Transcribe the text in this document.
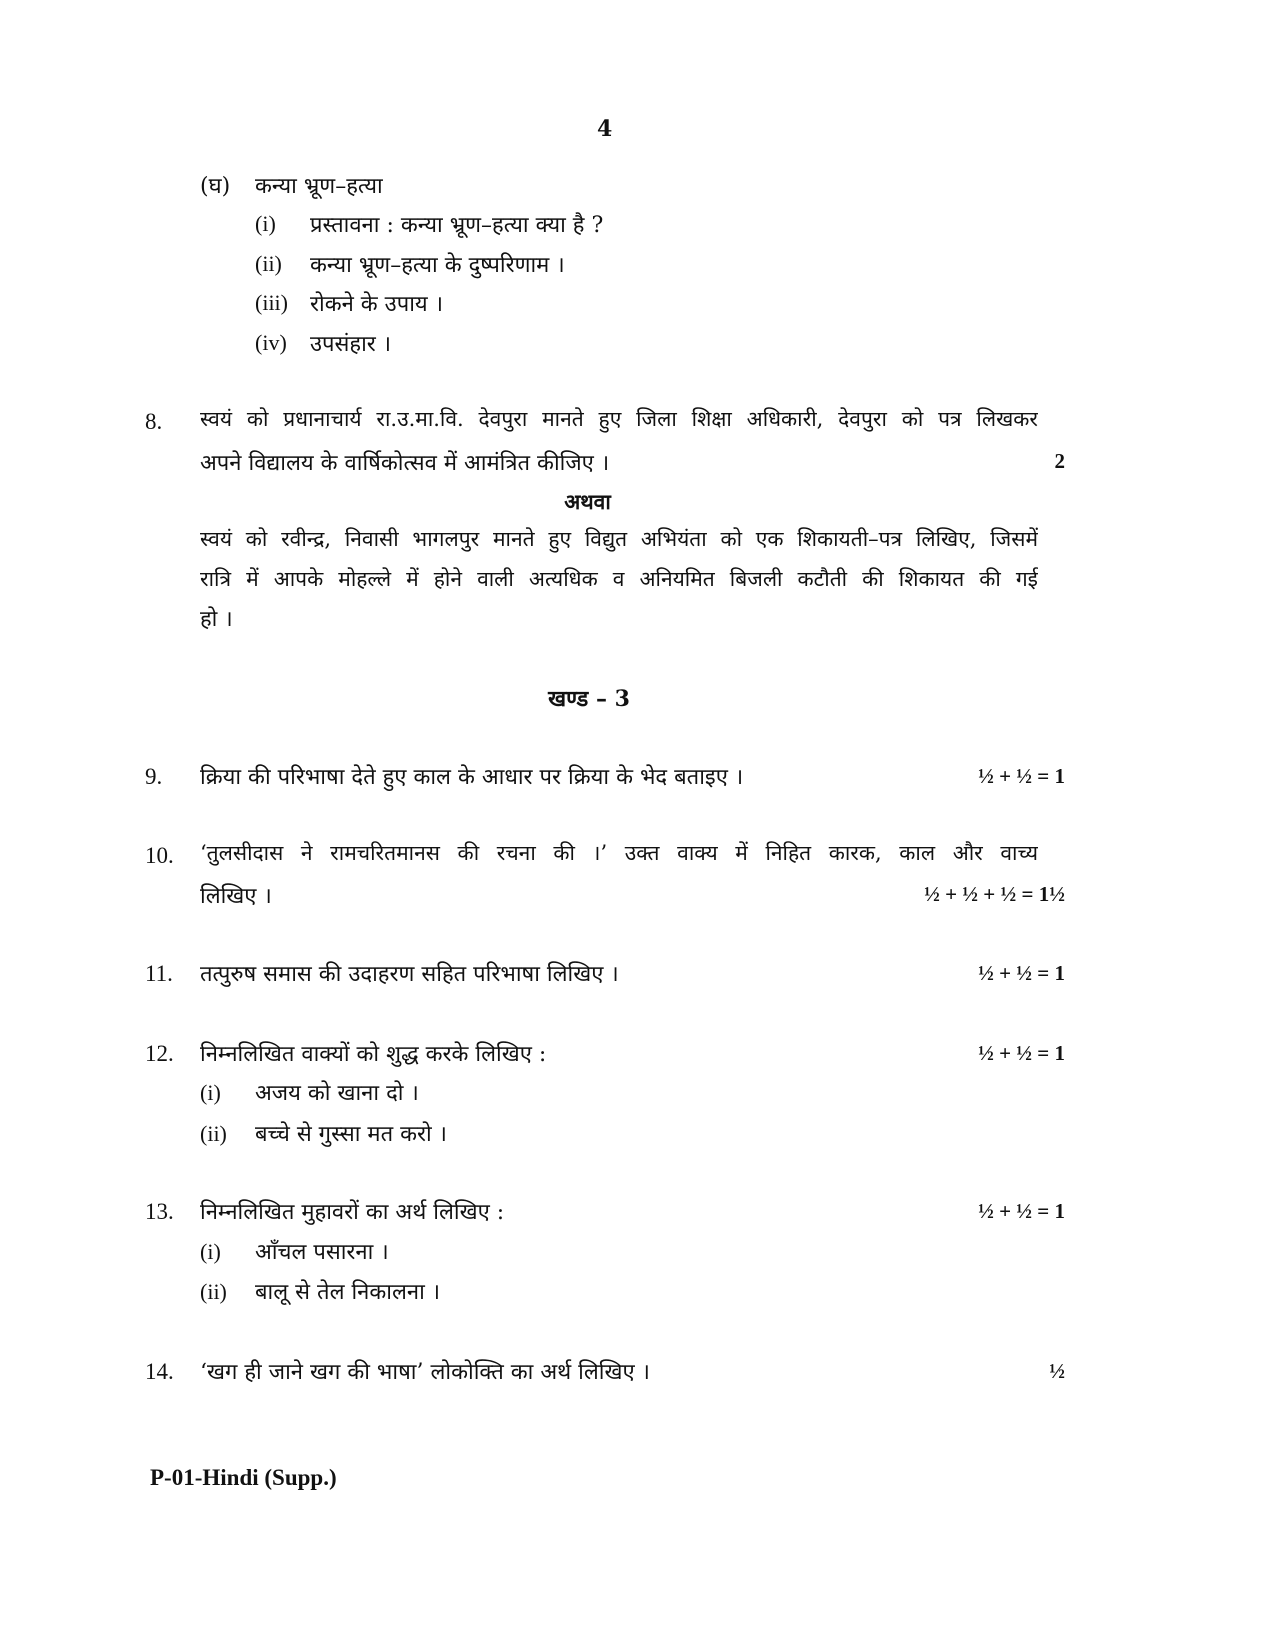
4
(घ) कन्या भ्रूण–हत्या
(i) प्रस्तावना : कन्या भ्रूण–हत्या क्या है ?
(ii) कन्या भ्रूण–हत्या के दुष्परिणाम ।
(iii) रोकने के उपाय ।
(iv) उपसंहार ।
8. स्वयं को प्रधानाचार्य रा.उ.मा.वि. देवपुरा मानते हुए जिला शिक्षा अधिकारी, देवपुरा को पत्र लिखकर
अपने विद्यालय के वार्षिकोत्सव में आमंत्रित कीजिए ।	2
अथवा
स्वयं को रवीन्द्र, निवासी भागलपुर मानते हुए विद्युत अभियंता को एक शिकायती–पत्र लिखिए, जिसमें
रात्रि में आपके मोहल्ले में होने वाली अत्यधिक व अनियमित बिजली कटौती की शिकायत की गई
हो ।
खण्ड – 3
9. क्रिया की परिभाषा देते हुए काल के आधार पर क्रिया के भेद बताइए ।	½ + ½ = 1
10. ‘तुलसीदास ने रामचरितमानस की रचना की ।’ उक्त वाक्य में निहित कारक, काल और वाच्य
लिखिए ।	½ + ½ + ½ = 1½
11. तत्पुरुष समास की उदाहरण सहित परिभाषा लिखिए ।	½ + ½ = 1
12. निम्नलिखित वाक्यों को शुद्ध करके लिखिए :	½ + ½ = 1
(i) अजय को खाना दो ।
(ii) बच्चे से गुस्सा मत करो ।
13. निम्नलिखित मुहावरों का अर्थ लिखिए :	½ + ½ = 1
(i) आँचल पसारना ।
(ii) बालू से तेल निकालना ।
14. ‘खग ही जाने खग की भाषा’ लोकोक्ति का अर्थ लिखिए ।	½
P-01-Hindi (Supp.)
